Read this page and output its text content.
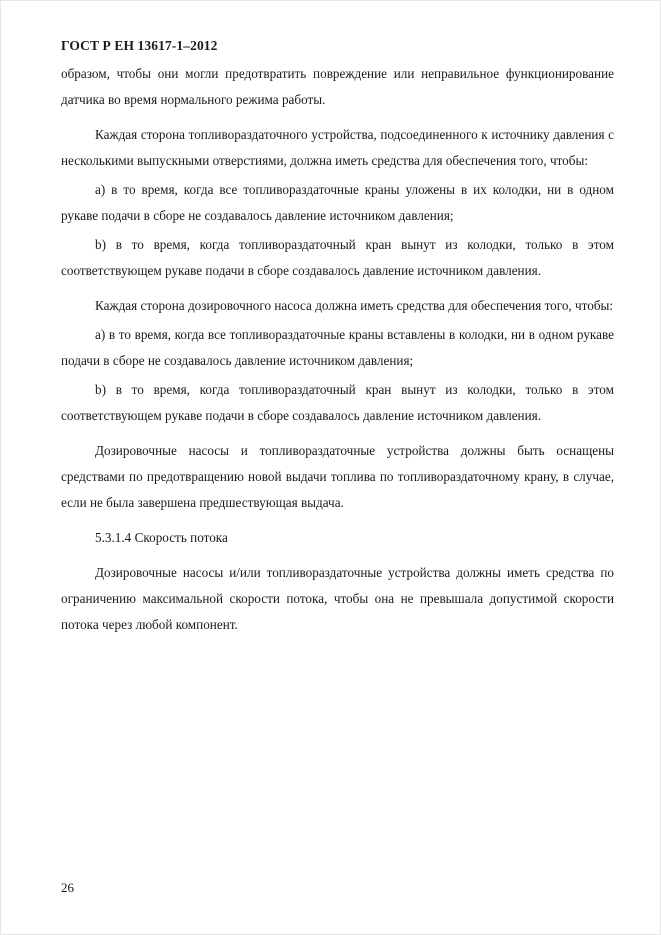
ГОСТ Р ЕН 13617-1–2012

образом, чтобы они могли предотвратить повреждение или неправильное функционирование датчика во время нормального режима работы.

Каждая сторона топливораздаточного устройства, подсоединенного к источнику давления с несколькими выпускными отверстиями, должна иметь средства для обеспечения того, чтобы:

a) в то время, когда все топливораздаточные краны уложены в их колодки, ни в одном рукаве подачи в сборе не создавалось давление источником давления;

b) в то время, когда топливораздаточный кран вынут из колодки, только в этом соответствующем рукаве подачи в сборе создавалось давление источником давления.

Каждая сторона дозировочного насоса должна иметь средства для обеспечения того, чтобы:

a) в то время, когда все топливораздаточные краны вставлены в колодки, ни в одном рукаве подачи в сборе не создавалось давление источником давления;

b) в то время, когда топливораздаточный кран вынут из колодки, только в этом соответствующем рукаве подачи в сборе создавалось давление источником давления.

Дозировочные насосы и топливораздаточные устройства должны быть оснащены средствами по предотвращению новой выдачи топлива по топливораздаточному крану, в случае, если не была завершена предшествующая выдача.

5.3.1.4 Скорость потока

Дозировочные насосы и/или топливораздаточные устройства должны иметь средства по ограничению максимальной скорости потока, чтобы она не превышала допустимой скорости потока через любой компонент.

26
